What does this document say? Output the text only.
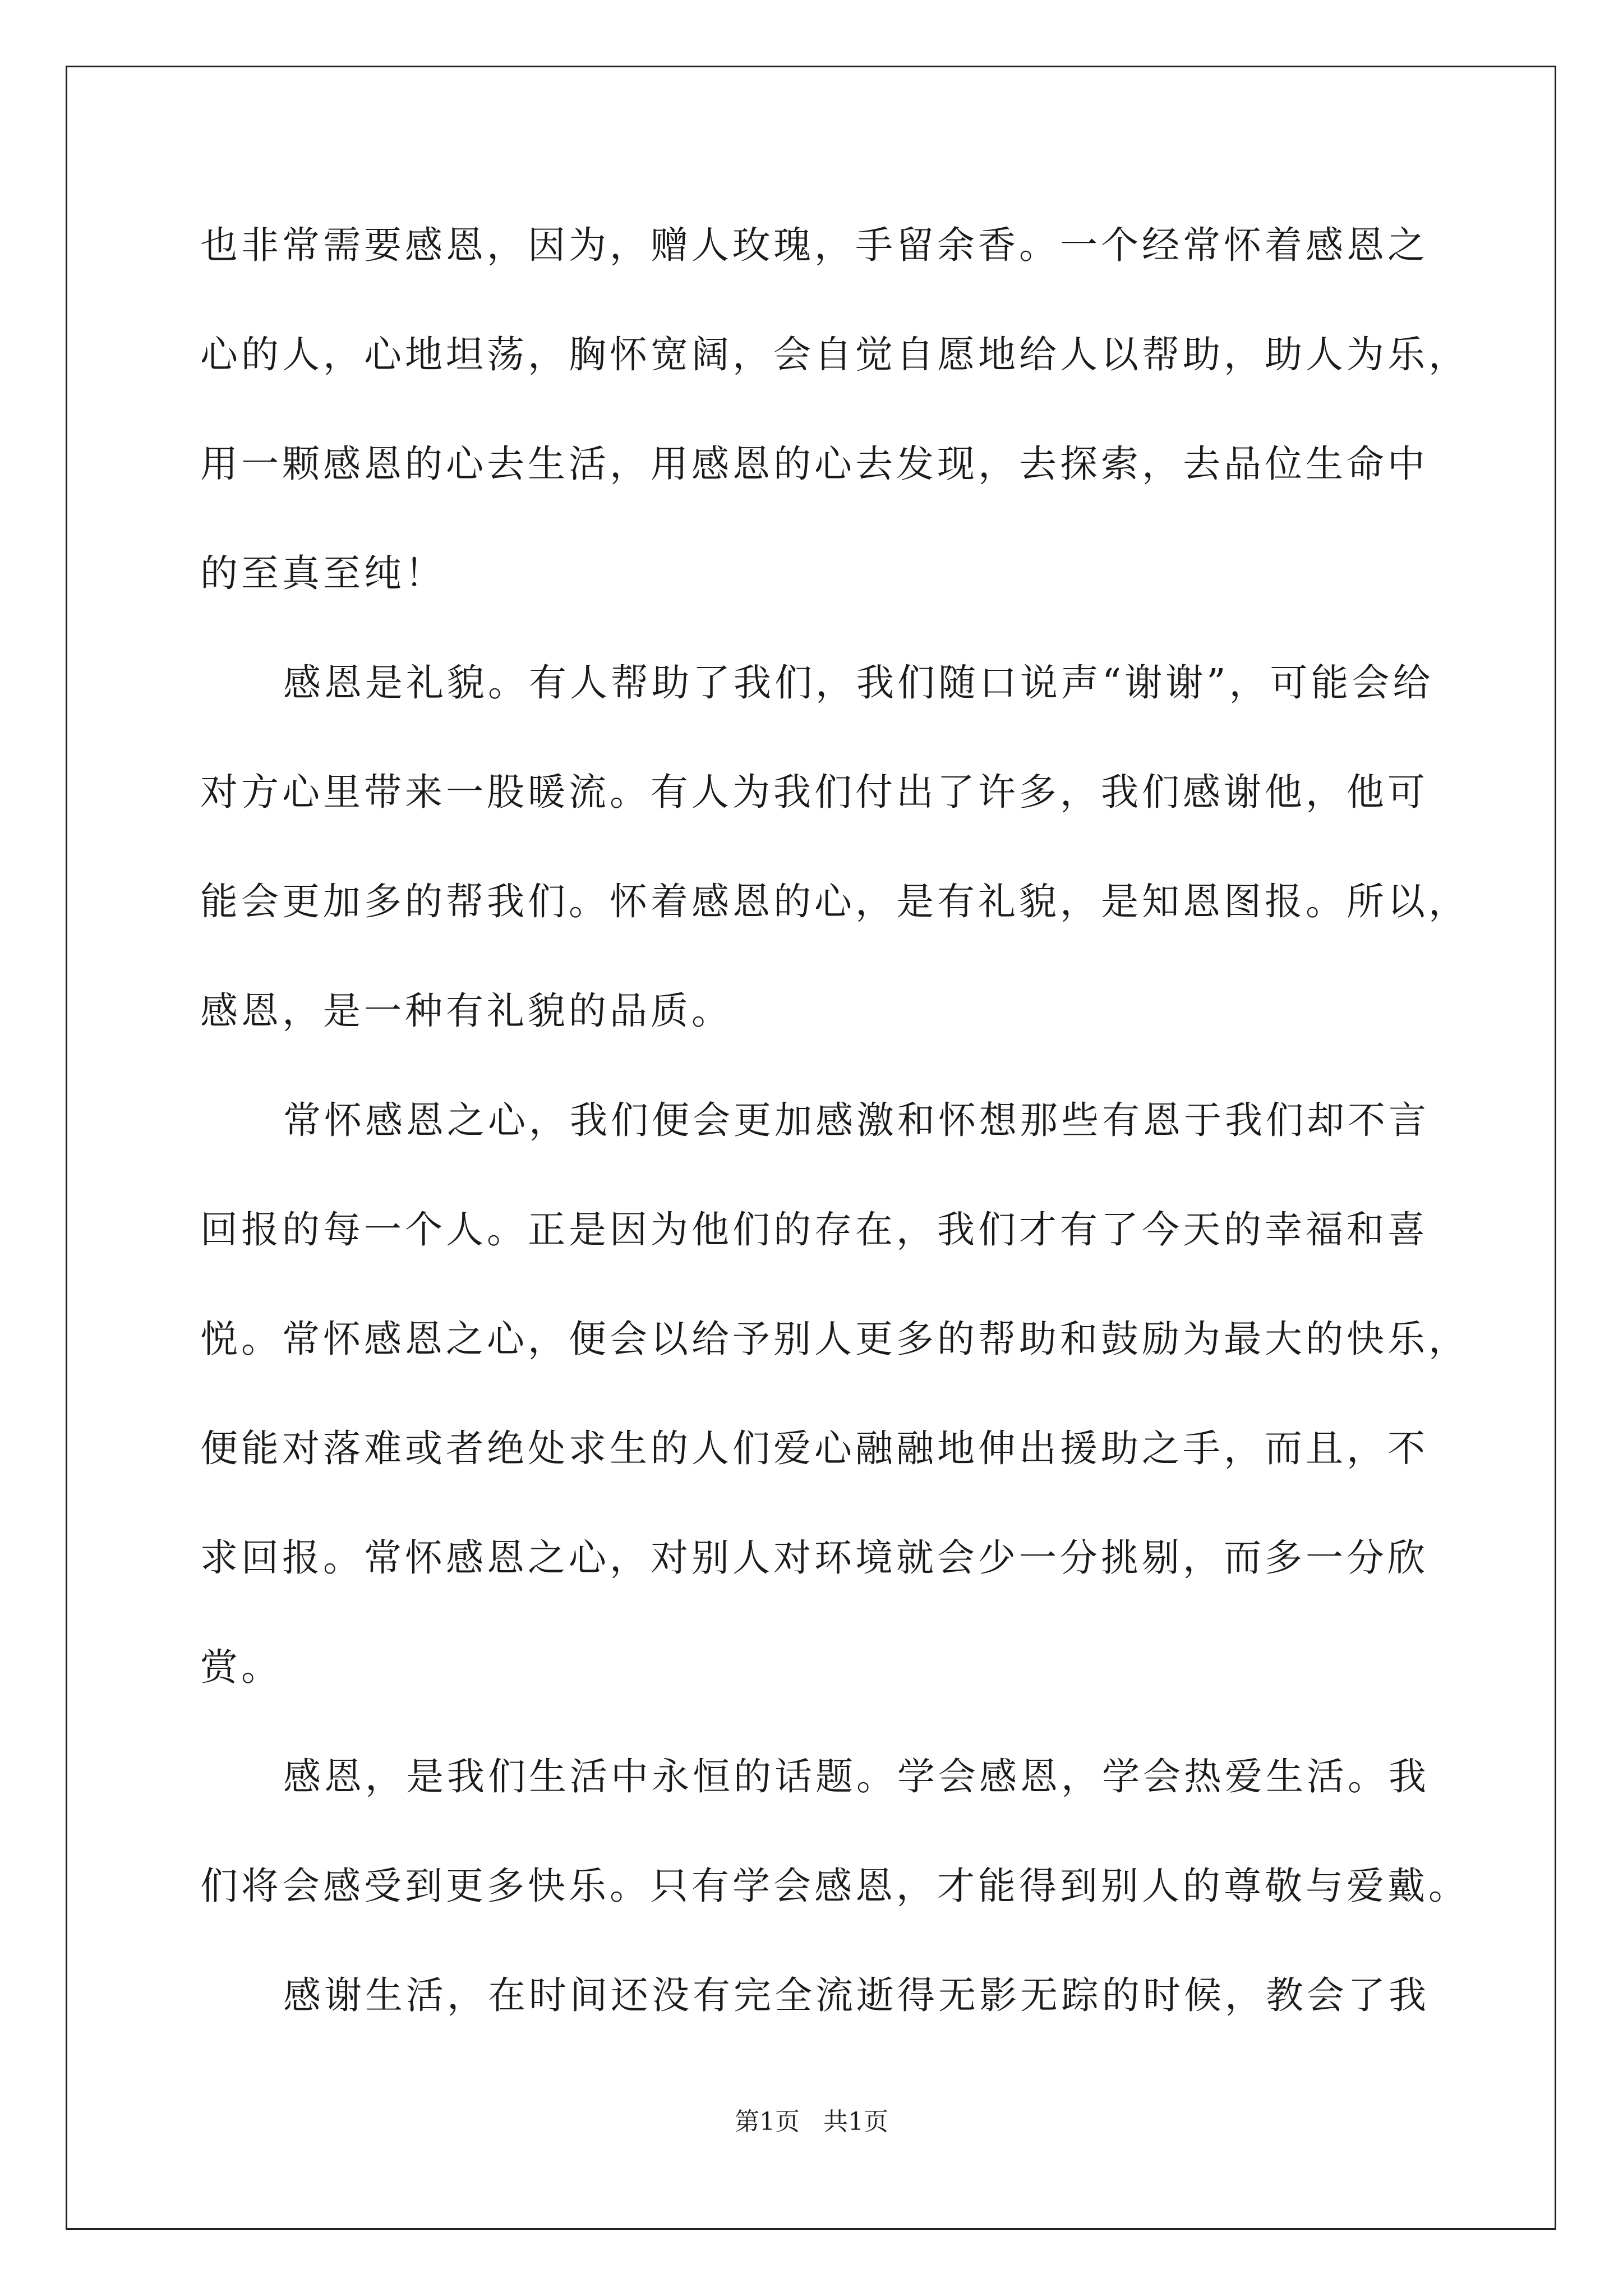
也非常需要感恩，因为，赠人玫瑰，手留余香。一个经常怀着感恩之
心的人，心地坦荡，胸怀宽阔，会自觉自愿地给人以帮助，助人为乐，
用一颗感恩的心去生活，用感恩的心去发现，去探索，去品位生命中
的至真至纯！
感恩是礼貌。有人帮助了我们，我们随口说声“谢谢”，可能会给
对方心里带来一股暖流。有人为我们付出了许多，我们感谢他，他可
能会更加多的帮我们。怀着感恩的心，是有礼貌，是知恩图报。所以，
感恩，是一种有礼貌的品质。
常怀感恩之心，我们便会更加感激和怀想那些有恩于我们却不言
回报的每一个人。正是因为他们的存在，我们才有了今天的幸福和喜
悦。常怀感恩之心，便会以给予别人更多的帮助和鼓励为最大的快乐，
便能对落难或者绝处求生的人们爱心融融地伸出援助之手，而且，不
求回报。常怀感恩之心，对别人对环境就会少一分挑剔，而多一分欣
赏。
感恩，是我们生活中永恒的话题。学会感恩，学会热爱生活。我
们将会感受到更多快乐。只有学会感恩，才能得到别人的尊敬与爱戴。
感谢生活，在时间还没有完全流逝得无影无踪的时候，教会了我
第1页   共1页
